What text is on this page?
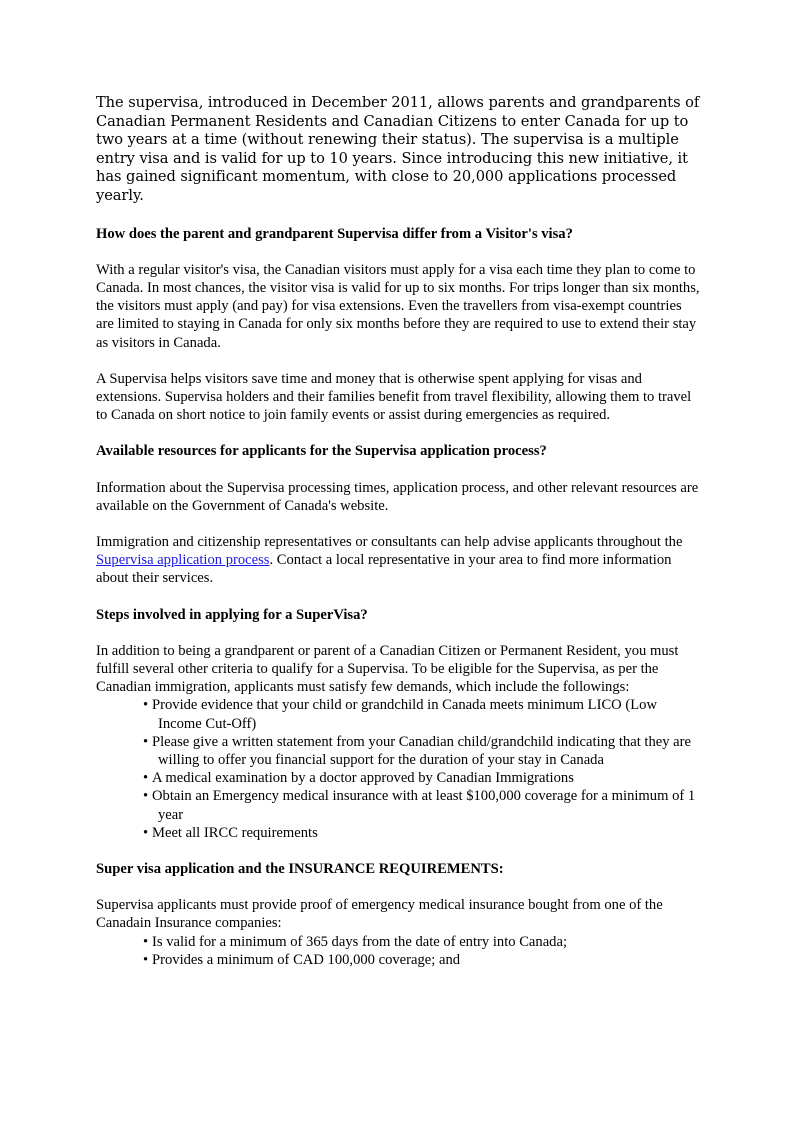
The supervisa, introduced in December 2011, allows parents and grandparents of Canadian Permanent Residents and Canadian Citizens to enter Canada for up to two years at a time (without renewing their status). The supervisa is a multiple entry visa and is valid for up to 10 years. Since introducing this new initiative, it has gained significant momentum, with close to 20,000 applications processed yearly.

How does the parent and grandparent Supervisa differ from a Visitor's visa?

With a regular visitor's visa, the Canadian visitors must apply for a visa each time they plan to come to Canada. In most chances, the visitor visa is valid for up to six months. For trips longer than six months, the visitors must apply (and pay) for visa extensions. Even the travellers from visa-exempt countries are limited to staying in Canada for only six months before they are required to use to extend their stay as visitors in Canada.

A Supervisa helps visitors save time and money that is otherwise spent applying for visas and extensions. Supervisa holders and their families benefit from travel flexibility, allowing them to travel to Canada on short notice to join family events or assist during emergencies as required.

Available resources for applicants for the Supervisa application process?

Information about the Supervisa processing times, application process, and other relevant resources are available on the Government of Canada's website.

Immigration and citizenship representatives or consultants can help advise applicants throughout the Supervisa application process. Contact a local representative in your area to find more information about their services.

Steps involved in applying for a SuperVisa?

In addition to being a grandparent or parent of a Canadian Citizen or Permanent Resident, you must fulfill several other criteria to qualify for a Supervisa. To be eligible for the Supervisa, as per the Canadian immigration, applicants must satisfy few demands, which include the followings:

• Provide evidence that your child or grandchild in Canada meets minimum LICO (Low Income Cut-Off)
• Please give a written statement from your Canadian child/grandchild indicating that they are willing to offer you financial support for the duration of your stay in Canada
• A medical examination by a doctor approved by Canadian Immigrations
• Obtain an Emergency medical insurance with at least $100,000 coverage for a minimum of 1 year
• Meet all IRCC requirements
Super visa application and the INSURANCE REQUIREMENTS:

Supervisa applicants must provide proof of emergency medical insurance bought from one of the Canadain Insurance companies:

• Is valid for a minimum of 365 days from the date of entry into Canada;
• Provides a minimum of CAD 100,000 coverage; and
